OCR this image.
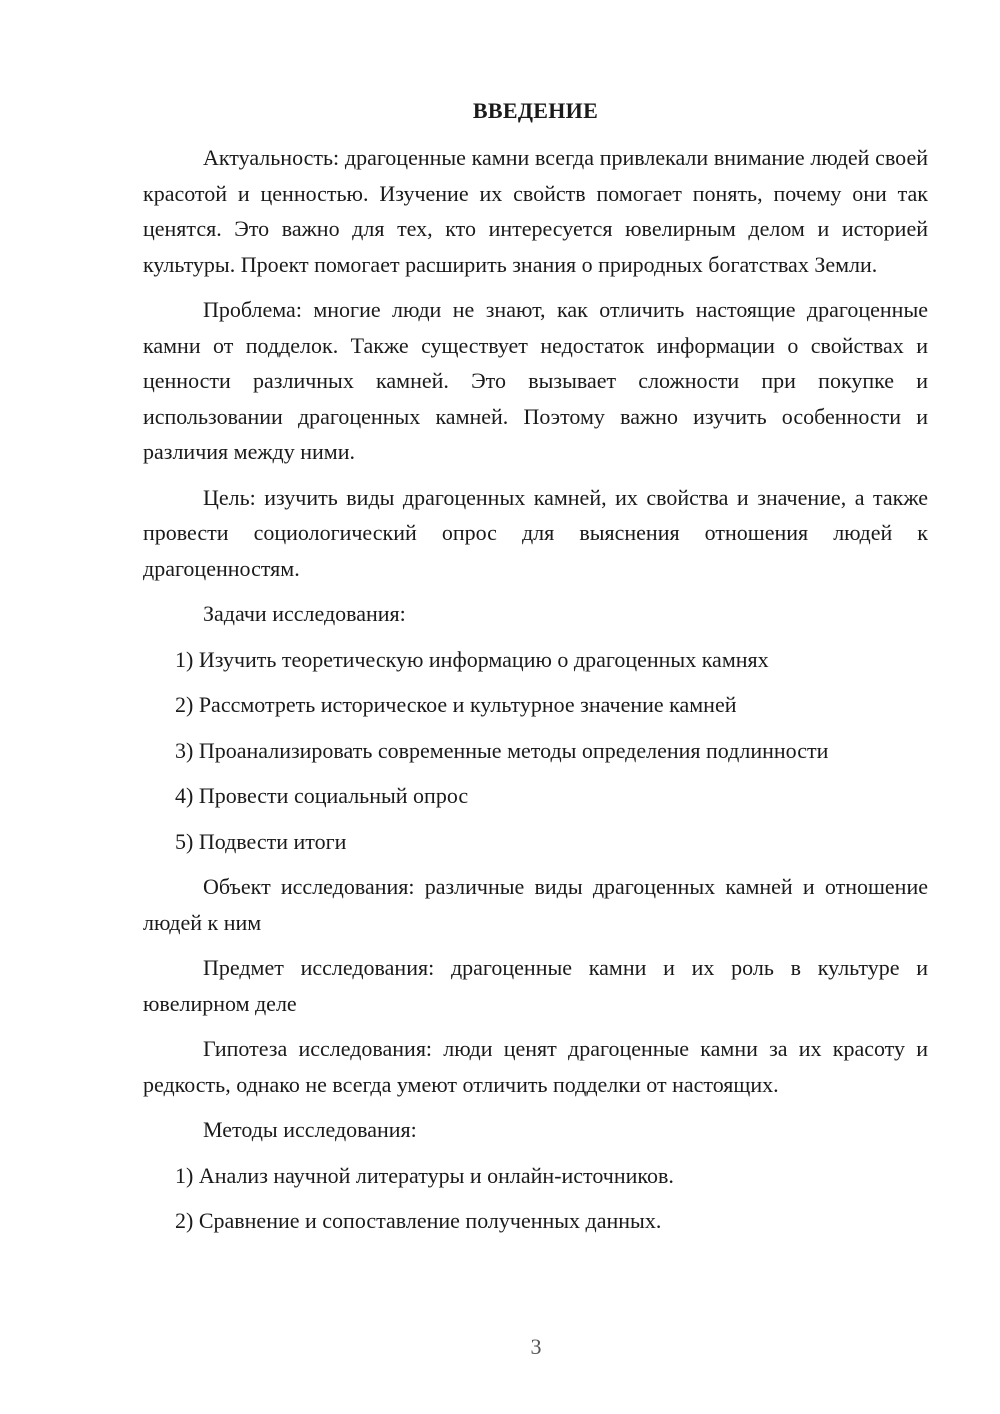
ВВЕДЕНИЕ

Актуальность: драгоценные камни всегда привлекали внимание людей своей красотой и ценностью. Изучение их свойств помогает понять, почему они так ценятся. Это важно для тех, кто интересуется ювелирным делом и историей культуры. Проект помогает расширить знания о природных богатствах Земли.

Проблема: многие люди не знают, как отличить настоящие драгоценные камни от подделок. Также существует недостаток информации о свойствах и ценности различных камней. Это вызывает сложности при покупке и использовании драгоценных камней. Поэтому важно изучить особенности и различия между ними.

Цель: изучить виды драгоценных камней, их свойства и значение, а также провести социологический опрос для выяснения отношения людей к драгоценностям.

Задачи исследования:

1) Изучить теоретическую информацию о драгоценных камнях
2) Рассмотреть историческое и культурное значение камней
3) Проанализировать современные методы определения подлинности
4) Провести социальный опрос
5) Подвести итоги

Объект исследования: различные виды драгоценных камней и отношение людей к ним

Предмет исследования: драгоценные камни и их роль в культуре и ювелирном деле

Гипотеза исследования: люди ценят драгоценные камни за их красоту и редкость, однако не всегда умеют отличить подделки от настоящих.

Методы исследования:

1) Анализ научной литературы и онлайн-источников.
2) Сравнение и сопоставление полученных данных.
3
